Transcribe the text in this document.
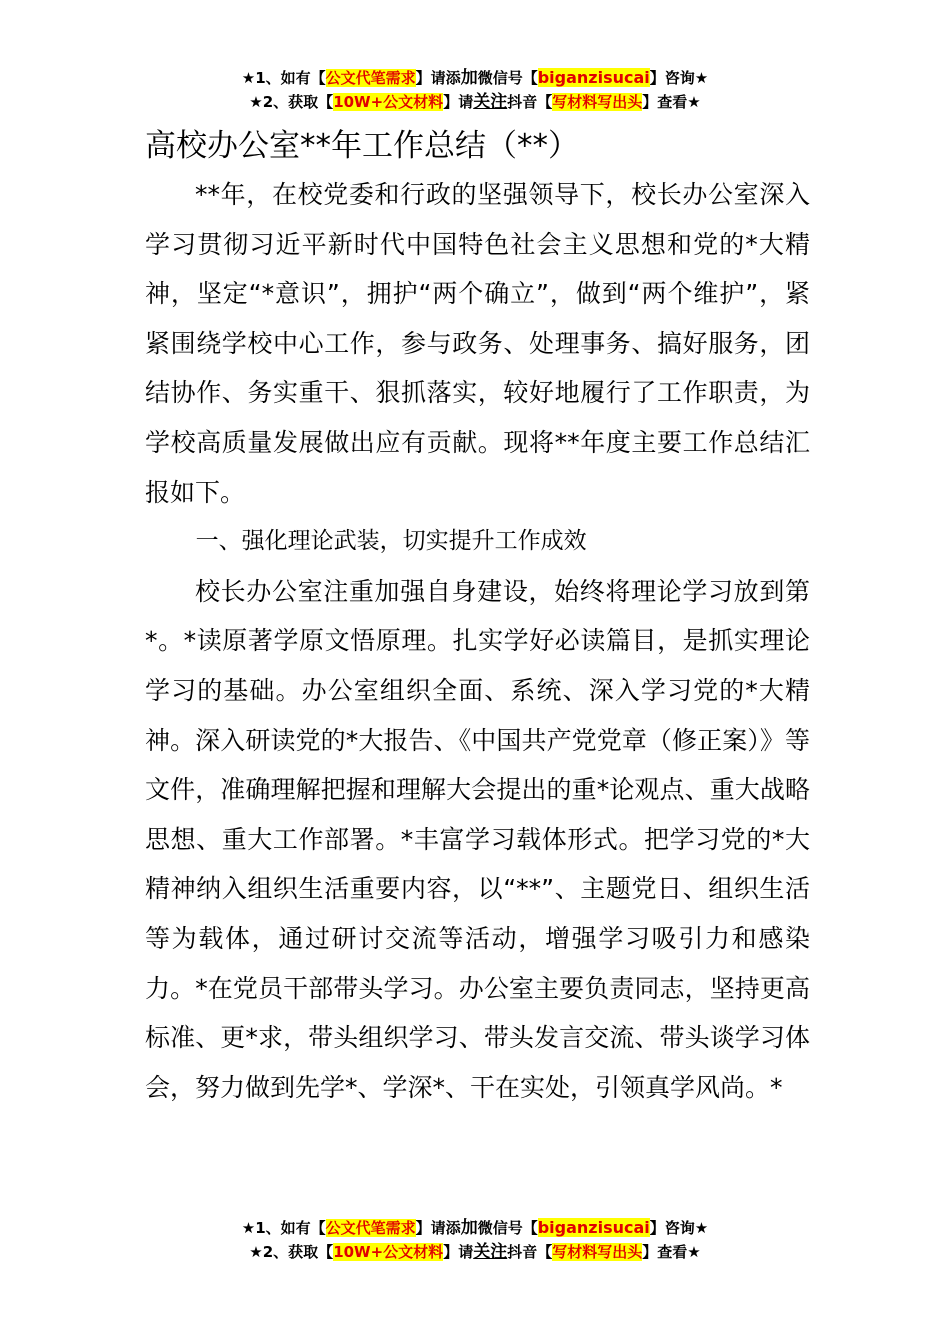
★1、如有【公文代笔需求】请添加微信号【biganzisucai】咨询★
★2、获取【10W+公文材料】请关注抖音【写材料写出头】查看★
高校办公室**年工作总结（**）

**年，在校党委和行政的坚强领导下，校长办公室深入学习贯彻习近平新时代中国特色社会主义思想和党的*大精神，坚定“*意识”，拥护“两个确立”，做到“两个维护”，紧紧围绕学校中心工作，参与政务、处理事务、搞好服务，团结协作、务实重干、狠抓落实，较好地履行了工作职责，为学校高质量发展做出应有贡献。现将**年度主要工作总结汇报如下。

一、强化理论武装，切实提升工作成效

校长办公室注重加强自身建设，始终将理论学习放到第*。*读原著学原文悟原理。扎实学好必读篇目，是抓实理论学习的基础。办公室组织全面、系统、深入学习党的*大精神。深入研读党的*大报告、《中国共产党党章（修正案）》等文件，准确理解把握和理解大会提出的重*论观点、重大战略思想、重大工作部署。*丰富学习载体形式。把学习党的*大精神纳入组织生活重要内容，以“**”、主题党日、组织生活等为载体，通过研讨交流等活动，增强学习吸引力和感染力。*在党员干部带头学习。办公室主要负责同志，坚持更高标准、更*求，带头组织学习、带头发言交流、带头谈学习体会，努力做到先学*、学深*、干在实处，引领真学风尚。*

★1、如有【公文代笔需求】请添加微信号【biganzisucai】咨询★
★2、获取【10W+公文材料】请关注抖音【写材料写出头】查看★
